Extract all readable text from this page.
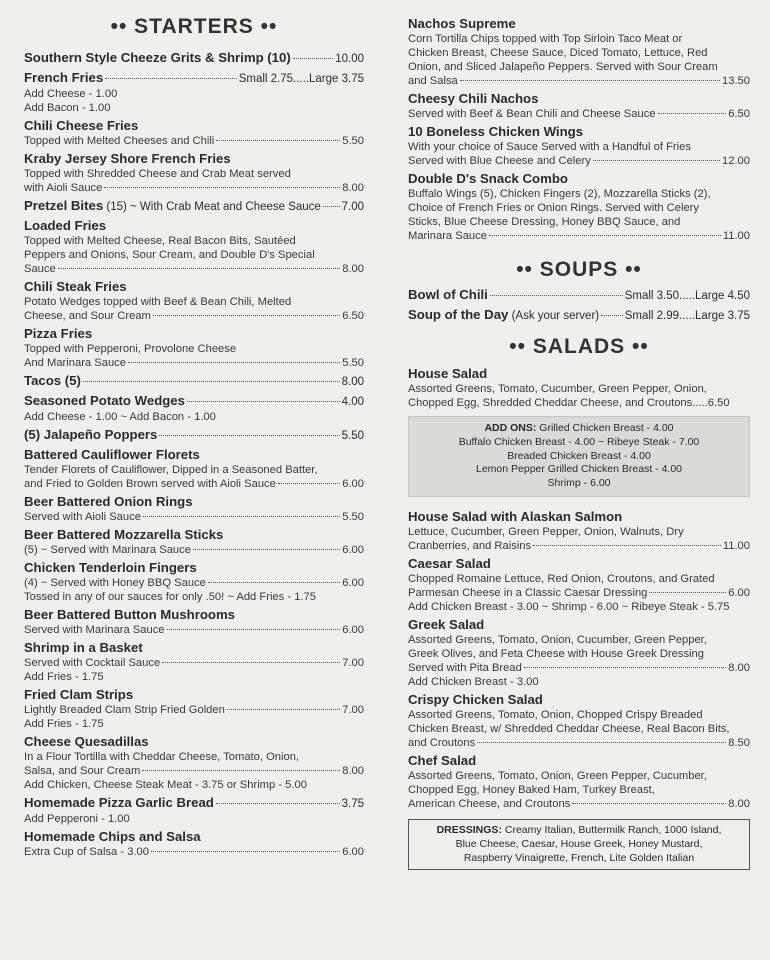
•• STARTERS ••
Southern Style Cheeze Grits & Shrimp (10)	10.00
French Fries	Small 2.75.....Large 3.75
Add Cheese - 1.00
Add Bacon - 1.00
Chili Cheese Fries
Topped with Melted Cheeses and Chili	5.50
Kraby Jersey Shore French Fries
Topped with Shredded Cheese and Crab Meat served
with Aioli Sauce	8.00
Pretzel Bites (15) ~ With Crab Meat and Cheese Sauce 7.00
Loaded Fries
Topped with Melted Cheese, Real Bacon Bits, Sautéed
Peppers and Onions, Sour Cream, and Double D's Special
Sauce	8.00
Chili Steak Fries
Potato Wedges topped with Beef & Bean Chili, Melted
Cheese, and Sour Cream	6.50
Pizza Fries
Topped with Pepperoni, Provolone Cheese
And Marinara Sauce	5.50
Tacos (5)	8.00
Seasoned Potato Wedges	4.00
Add Cheese - 1.00 ~ Add Bacon - 1.00
(5) Jalapeño Poppers	5.50
Battered Cauliflower Florets
Tender Florets of Cauliflower, Dipped in a Seasoned Batter,
and Fried to Golden Brown served with Aioli Sauce	6.00
Beer Battered Onion Rings
Served with Aioli Sauce	5.50
Beer Battered Mozzarella Sticks
(5) ~ Served with Marinara Sauce	6.00
Chicken Tenderloin Fingers
(4) ~ Served with Honey BBQ Sauce	6.00
Tossed in any of our sauces for only .50! ~ Add Fries - 1.75
Beer Battered Button Mushrooms
Served with Marinara Sauce	6.00
Shrimp in a Basket
Served with Cocktail Sauce	7.00
Add Fries - 1.75
Fried Clam Strips
Lightly Breaded Clam Strip Fried Golden	7.00
Add Fries - 1.75
Cheese Quesadillas
In a Flour Tortilla with Cheddar Cheese, Tomato, Onion,
Salsa, and Sour Cream	8.00
Add Chicken, Cheese Steak Meat - 3.75 or Shrimp - 5.00
Homemade Pizza Garlic Bread	3.75
Add Pepperoni - 1.00
Homemade Chips and Salsa
Extra Cup of Salsa - 3.00	6.00
Nachos Supreme
Corn Tortilla Chips topped with Top Sirloin Taco Meat or
Chicken Breast, Cheese Sauce, Diced Tomato, Lettuce, Red
Onion, and Sliced Jalapeño Peppers. Served with Sour Cream
and Salsa	13.50
Cheesy Chili Nachos
Served with Beef & Bean Chili and Cheese Sauce	6.50
10 Boneless Chicken Wings
With your choice of Sauce Served with a Handful of Fries
Served with Blue Cheese and Celery	12.00
Double D's Snack Combo
Buffalo Wings (5), Chicken Fingers (2), Mozzarella Sticks (2),
Choice of French Fries or Onion Rings. Served with Celery
Sticks, Blue Cheese Dressing, Honey BBQ Sauce, and
Marinara Sauce	11.00
•• SOUPS ••
Bowl of Chili	Small 3.50.....Large 4.50
Soup of the Day (Ask your server) Small 2.99.....Large 3.75
•• SALADS ••
House Salad
Assorted Greens, Tomato, Cucumber, Green Pepper, Onion,
Chopped Egg, Shredded Cheddar Cheese, and Croutons.....6.50
ADD ONS: Grilled Chicken Breast - 4.00
Buffalo Chicken Breast - 4.00 ~ Ribeye Steak - 7.00
Breaded Chicken Breast - 4.00
Lemon Pepper Grilled Chicken Breast - 4.00
Shrimp - 6.00
House Salad with Alaskan Salmon
Lettuce, Cucumber, Green Pepper, Onion, Walnuts, Dry
Cranberries, and Raisins	11.00
Caesar Salad
Chopped Romaine Lettuce, Red Onion, Croutons, and Grated
Parmesan Cheese in a Classic Caesar Dressing	6.00
Add Chicken Breast - 3.00 ~ Shrimp - 6.00 ~ Ribeye Steak - 5.75
Greek Salad
Assorted Greens, Tomato, Onion, Cucumber, Green Pepper,
Greek Olives, and Feta Cheese with House Greek Dressing
Served with Pita Bread	8.00
Add Chicken Breast - 3.00
Crispy Chicken Salad
Assorted Greens, Tomato, Onion, Chopped Crispy Breaded
Chicken Breast, w/ Shredded Cheddar Cheese, Real Bacon Bits,
and Croutons	8.50
Chef Salad
Assorted Greens, Tomato, Onion, Green Pepper, Cucumber,
Chopped Egg, Honey Baked Ham, Turkey Breast,
American Cheese, and Croutons	8.00
DRESSINGS: Creamy Italian, Buttermilk Ranch, 1000 Island,
Blue Cheese, Caesar, House Greek, Honey Mustard,
Raspberry Vinaigrette, French, Lite Golden Italian
